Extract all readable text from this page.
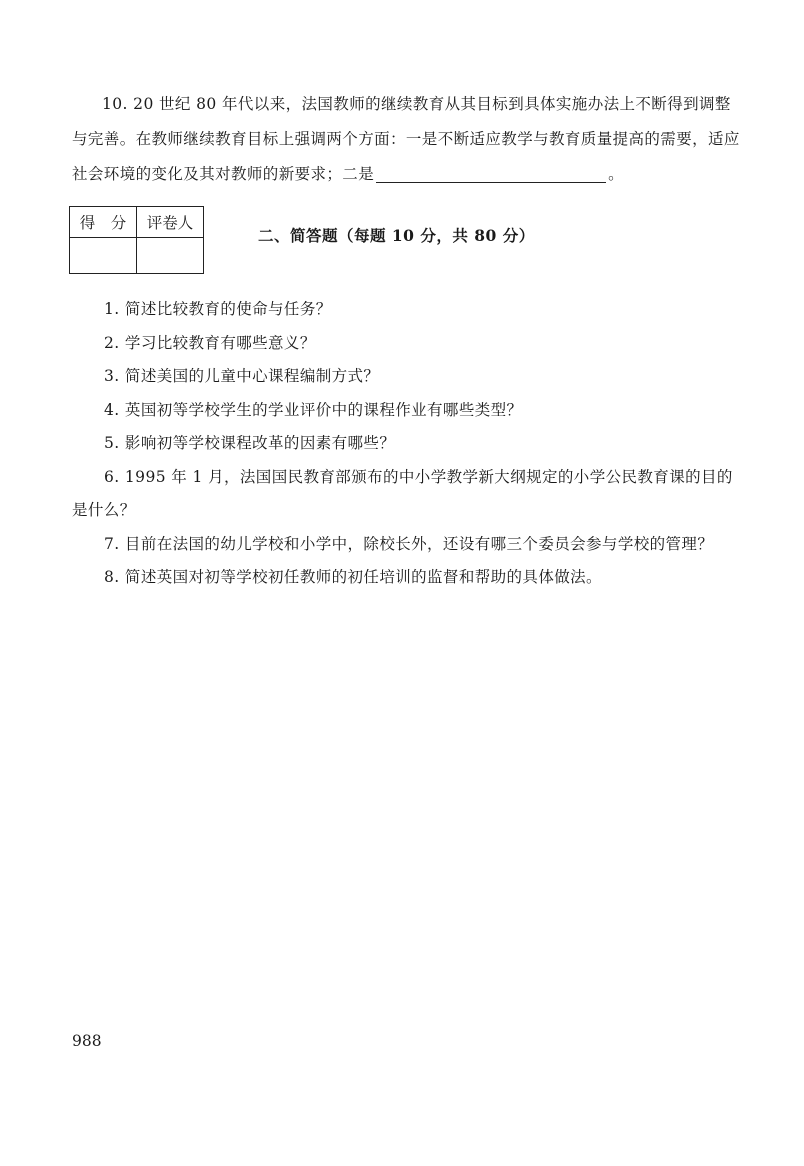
10. 20 世纪 80 年代以来，法国教师的继续教育从其目标到具体实施办法上不断得到调整与完善。在教师继续教育目标上强调两个方面：一是不断适应教学与教育质量提高的需要，适应社会环境的变化及其对教师的新要求；二是	。
得　分	评卷人

二、简答题（每题 10 分，共 80 分）

1. 简述比较教育的使命与任务？

2. 学习比较教育有哪些意义？

3. 简述美国的儿童中心课程编制方式？

4. 英国初等学校学生的学业评价中的课程作业有哪些类型？

5. 影响初等学校课程改革的因素有哪些？

6. 1995 年 1 月，法国国民教育部颁布的中小学教学新大纲规定的小学公民教育课的目的是什么？

7. 目前在法国的幼儿学校和小学中，除校长外，还设有哪三个委员会参与学校的管理？

8. 简述英国对初等学校初任教师的初任培训的监督和帮助的具体做法。

988
